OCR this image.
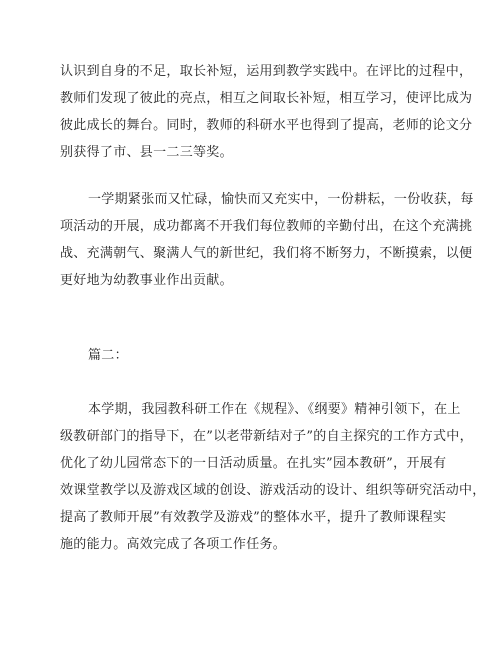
认识到自身的不足，取长补短，运用到教学实践中。在评比的过程中，
教师们发现了彼此的亮点，相互之间取长补短，相互学习，使评比成为
彼此成长的舞台。同时，教师的科研水平也得到了提高，老师的论文分
别获得了市、县一二三等奖。
一学期紧张而又忙碌，愉快而又充实中，一份耕耘，一份收获，每
项活动的开展，成功都离不开我们每位教师的辛勤付出，在这个充满挑
战、充满朝气、聚满人气的新世纪，我们将不断努力，不断摸索，以便
更好地为幼教事业作出贡献。
篇二：
本学期，我园教科研工作在《规程》、《纲要》精神引领下，在上
级教研部门的指导下，在”以老带新结对子”的自主探究的工作方式中，
优化了幼儿园常态下的一日活动质量。在扎实”园本教研”，开展有
效课堂教学以及游戏区域的创设、游戏活动的设计、组织等研究活动中，
提高了教师开展”有效教学及游戏”的整体水平，提升了教师课程实
施的能力。高效完成了各项工作任务。
